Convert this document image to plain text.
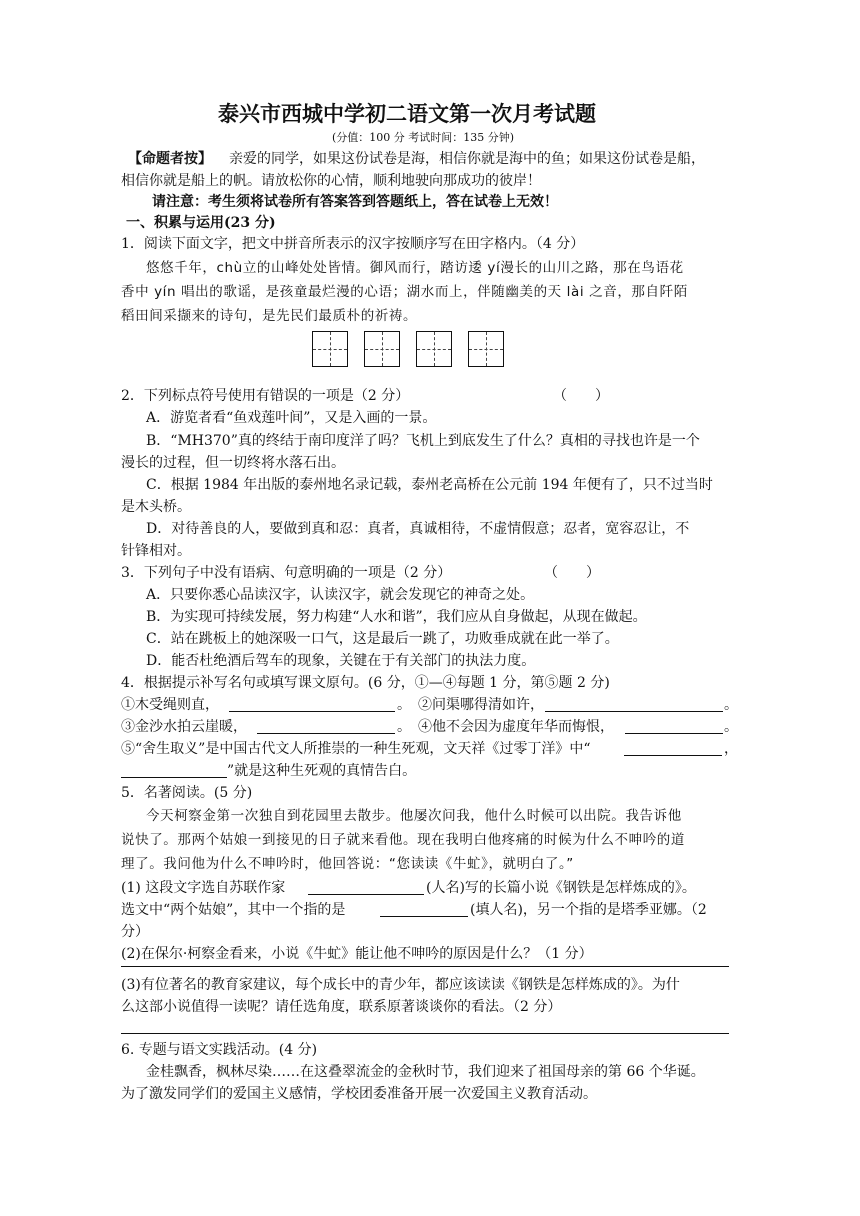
泰兴市西城中学初二语文第一次月考试题
(分值：100 分 考试时间：135 分钟)
【命题者按】 亲爱的同学，如果这份试卷是海，相信你就是海中的鱼；如果这份试卷是船，
相信你就是船上的帆。请放松你的心情，顺利地驶向那成功的彼岸！
请注意：考生须将试卷所有答案答到答题纸上，答在试卷上无效！
一、积累与运用(23 分)
1．阅读下面文字，把文中拼音所表示的汉字按顺序写在田字格内。（4 分）
悠悠千年，chù立的山峰处处皆情。御风而行，踏访逶 yí漫长的山川之路，那在鸟语花
香中 yín 唱出的歌谣，是孩童最烂漫的心语；湖水而上，伴随幽美的天 lài 之音，那自阡陌
稻田间采撷来的诗句，是先民们最质朴的祈祷。
2．下列标点符号使用有错误的一项是（2 分）	（　　）
A．游览者看“鱼戏莲叶间”，又是入画的一景。
B．“MH370”真的终结于南印度洋了吗？飞机上到底发生了什么？真相的寻找也许是一个
漫长的过程，但一切终将水落石出。
C．根据 1984 年出版的泰州地名录记载，泰州老高桥在公元前 194 年便有了，只不过当时
是木头桥。
D．对待善良的人，要做到真和忍：真者，真诚相待，不虚情假意；忍者，宽容忍让，不
针锋相对。
3．下列句子中没有语病、句意明确的一项是（2 分）	（　　）
A．只要你悉心品读汉字，认读汉字，就会发现它的神奇之处。
B．为实现可持续发展，努力构建“人水和谐”，我们应从自身做起，从现在做起。
C．站在跳板上的她深吸一口气，这是最后一跳了，功败垂成就在此一举了。
D．能否杜绝酒后驾车的现象，关键在于有关部门的执法力度。
4．根据提示补写名句或填写课文原句。(6 分，①—④每题 1 分，第⑤题 2 分)
①木受绳则直，	。 ②问渠哪得清如许，	。
③金沙水拍云崖暖，	。 ④他不会因为虚度年华而悔恨，	。
⑤“舍生取义”是中国古代文人所推崇的一种生死观，文天祥《过零丁洋》中“	，
”就是这种生死观的真情告白。
5．名著阅读。(5 分)
今天柯察金第一次独自到花园里去散步。他屡次问我，他什么时候可以出院。我告诉他
说快了。那两个姑娘一到接见的日子就来看他。现在我明白他疼痛的时候为什么不呻吟的道
理了。我问他为什么不呻吟时，他回答说：“您读读《牛虻》，就明白了。”
(1) 这段文字选自苏联作家	(人名)写的长篇小说《钢铁是怎样炼成的》。
选文中“两个姑娘”，其中一个指的是	(填人名)，另一个指的是塔季亚娜。（2
分）
(2)在保尔·柯察金看来，小说《牛虻》能让他不呻吟的原因是什么？（1 分）
(3)有位著名的教育家建议，每个成长中的青少年，都应该读读《钢铁是怎样炼成的》。为什
么这部小说值得一读呢？请任选角度，联系原著谈谈你的看法。（2 分）
6. 专题与语文实践活动。(4 分)
金桂飘香，枫林尽染……在这叠翠流金的金秋时节，我们迎来了祖国母亲的第 66 个华诞。
为了激发同学们的爱国主义感情，学校团委准备开展一次爱国主义教育活动。
